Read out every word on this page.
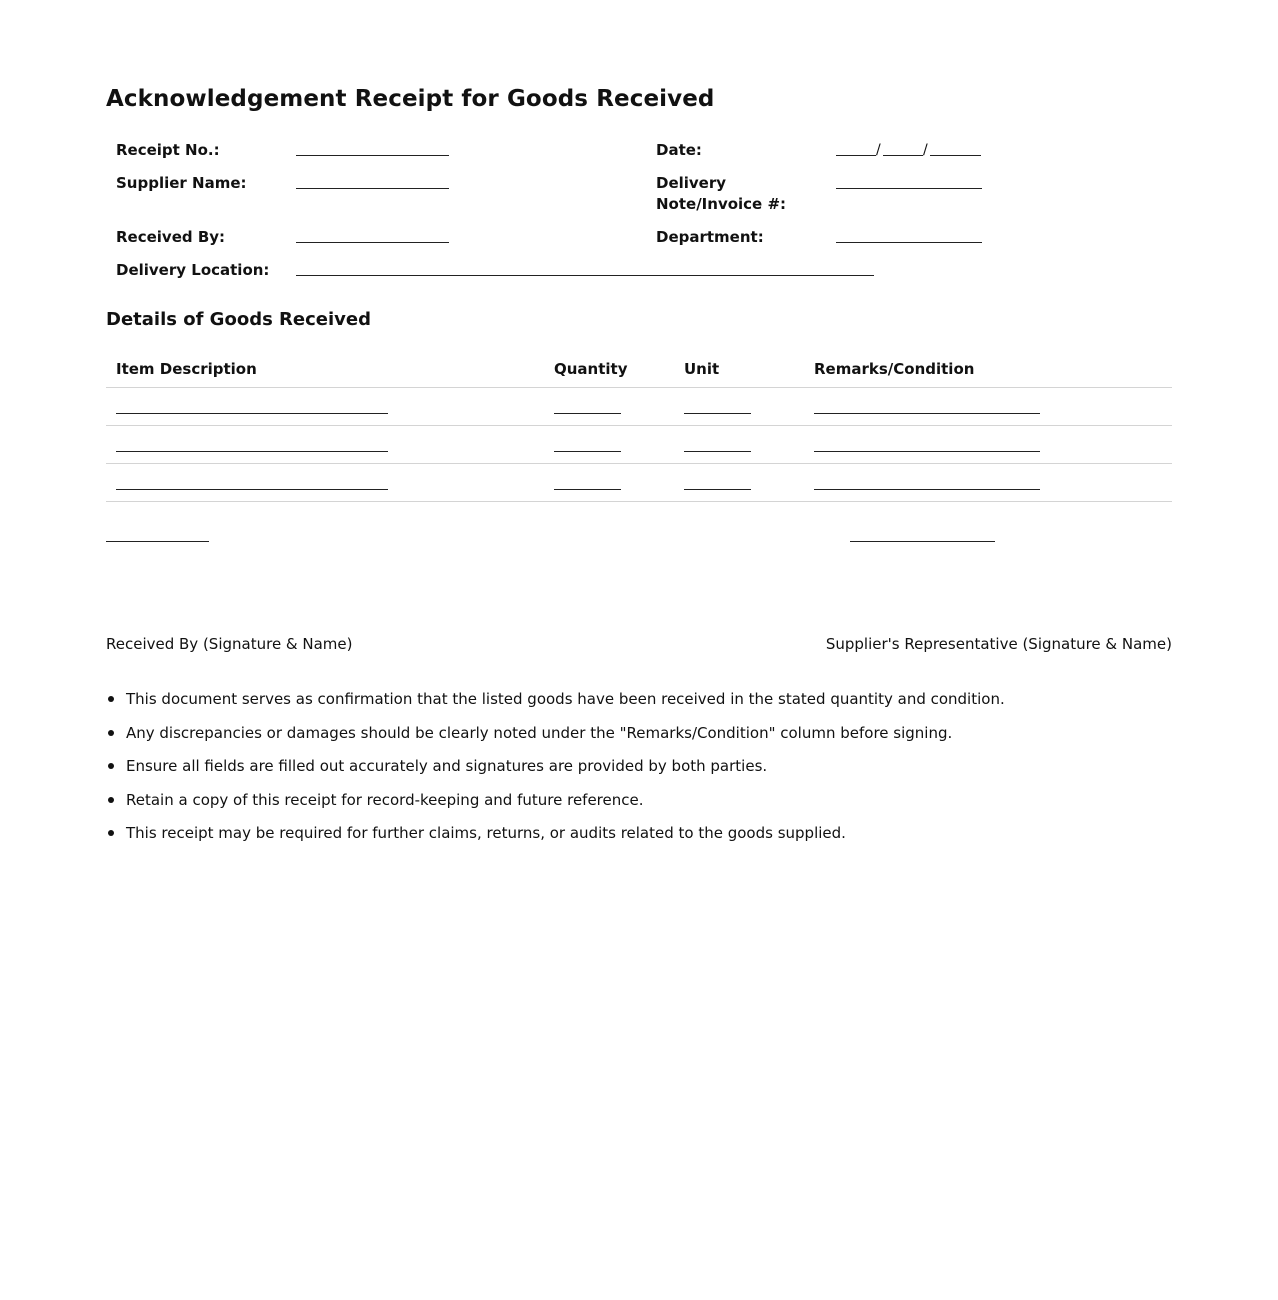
Acknowledgement Receipt for Goods Received
Receipt No.:	Date:	/	/
Supplier Name:	Delivery Note/Invoice #:
Received By:	Department:
Delivery Location:
Details of Goods Received
Item Description	Quantity	Unit	Remarks/Condition
Received By (Signature & Name)	Supplier's Representative (Signature & Name)
This document serves as confirmation that the listed goods have been received in the stated quantity and condition.
Any discrepancies or damages should be clearly noted under the "Remarks/Condition" column before signing.
Ensure all fields are filled out accurately and signatures are provided by both parties.
Retain a copy of this receipt for record-keeping and future reference.
This receipt may be required for further claims, returns, or audits related to the goods supplied.
